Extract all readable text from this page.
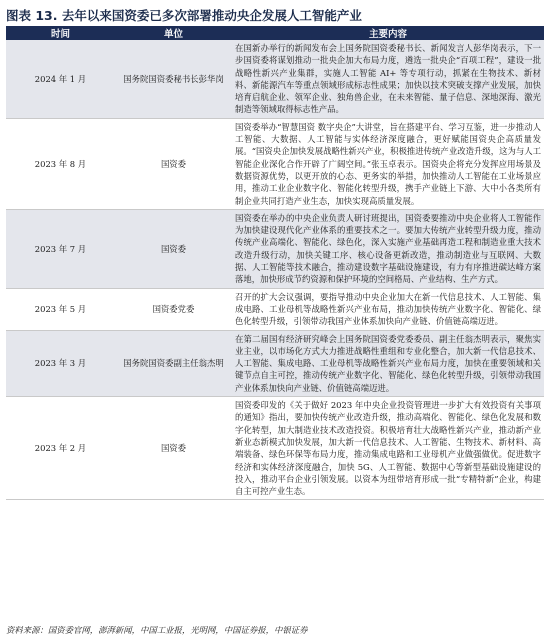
图表 13. 去年以来国资委已多次部署推动央企发展人工智能产业
时间	单位	主要内容
2024 年 1 月	国务院国资委秘书长彭华岗	在国新办举行的新闻发布会上国务院国资委秘书长、新闻发言人彭华岗表示，下一步国资委将谋划推动一批央企加大布局力度，遴选一批央企“百项工程”，建设一批战略性新兴产业集群，实施人工智能 AI+ 等专项行动，抓紧在生物技术、新材料、新能源汽车等重点领域形成标志性成果；加快以技术突破支撑产业发展，加快培育启航企业、领军企业、独角兽企业，在未来智能、量子信息、深地深海、激光制造等领域取得标志性产品。
2023 年 8 月	国资委	国资委举办“智慧国资 数字央企”大讲堂，旨在搭建平台、学习互鉴，进一步推动人工智能、大数据、人工智能与实体经济深度融合，更好赋能国资央企高质量发展。“国资央企加快发展战略性新兴产业，积极推进传统产业改造升级，这为与人工智能企业深化合作开辟了广阔空间。”张玉卓表示。国资央企将充分发挥应用场景及数据资源优势，以更开放的心态、更务实的举措，加快推动人工智能在工业场景应用，推动工业企业数字化、智能化转型升级，携手产业链上下游、大中小各类所有制企业共同打造产业生态，加快实现高质量发展。
2023 年 7 月	国资委	国资委在举办的中央企业负责人研讨班提出，国资委要推动中央企业将人工智能作为加快建设现代化产业体系的重要技术之一。要加大传统产业转型升级力度，推动传统产业高端化、智能化、绿色化，深入实施产业基础再造工程和制造业重大技术改造升级行动，加快关键工序、核心设备更新改造，推动制造业与互联网、大数据、人工智能等技术融合，推动建设数字基础设施建设，有力有序推进碳达峰方案落地，加快形成节约资源和保护环境的空间格局、产业结构、生产方式。
2023 年 5 月	国资委党委	召开的扩大会议强调，要指导推动中央企业加大在新一代信息技术、人工智能、集成电路、工业母机等战略性新兴产业布局，推动加快传统产业数字化、智能化、绿色化转型升级，引领带动我国产业体系加快向产业链、价值链高端迈进。
2023 年 3 月	国务院国资委副主任翁杰明	在第二届国有经济研究峰会上国务院国资委党委委员、副主任翁杰明表示，聚焦实业主业，以市场化方式大力推进战略性重组和专业化整合，加大新一代信息技术、人工智能、集成电路、工业母机等战略性新兴产业布局力度，加快在重要领域和关键节点自主可控，推动传统产业数字化、智能化、绿色化转型升级，引领带动我国产业体系加快向产业链、价值链高端迈进。
2023 年 2 月	国资委	国资委印发的《关于做好 2023 年中央企业投资管理进一步扩大有效投资有关事项的通知》指出，要加快传统产业改造升级，推动高端化、智能化、绿色化发展和数字化转型，加大制造业技术改造投资。积极培育壮大战略性新兴产业，推动新产业新业态新模式加快发展，加大新一代信息技术、人工智能、生物技术、新材料、高端装备、绿色环保等布局力度，推动集成电路和工业母机产业做强做优。促进数字经济和实体经济深度融合，加快 5G、人工智能、数据中心等新型基础设施建设的投入，推动平台企业引领发展。以资本为纽带培育形成一批“专精特新”企业，构建自主可控产业生态。
资料来源：国资委官网，澎湃新闻，中国工业报，光明网，中国证券报，中银证券
